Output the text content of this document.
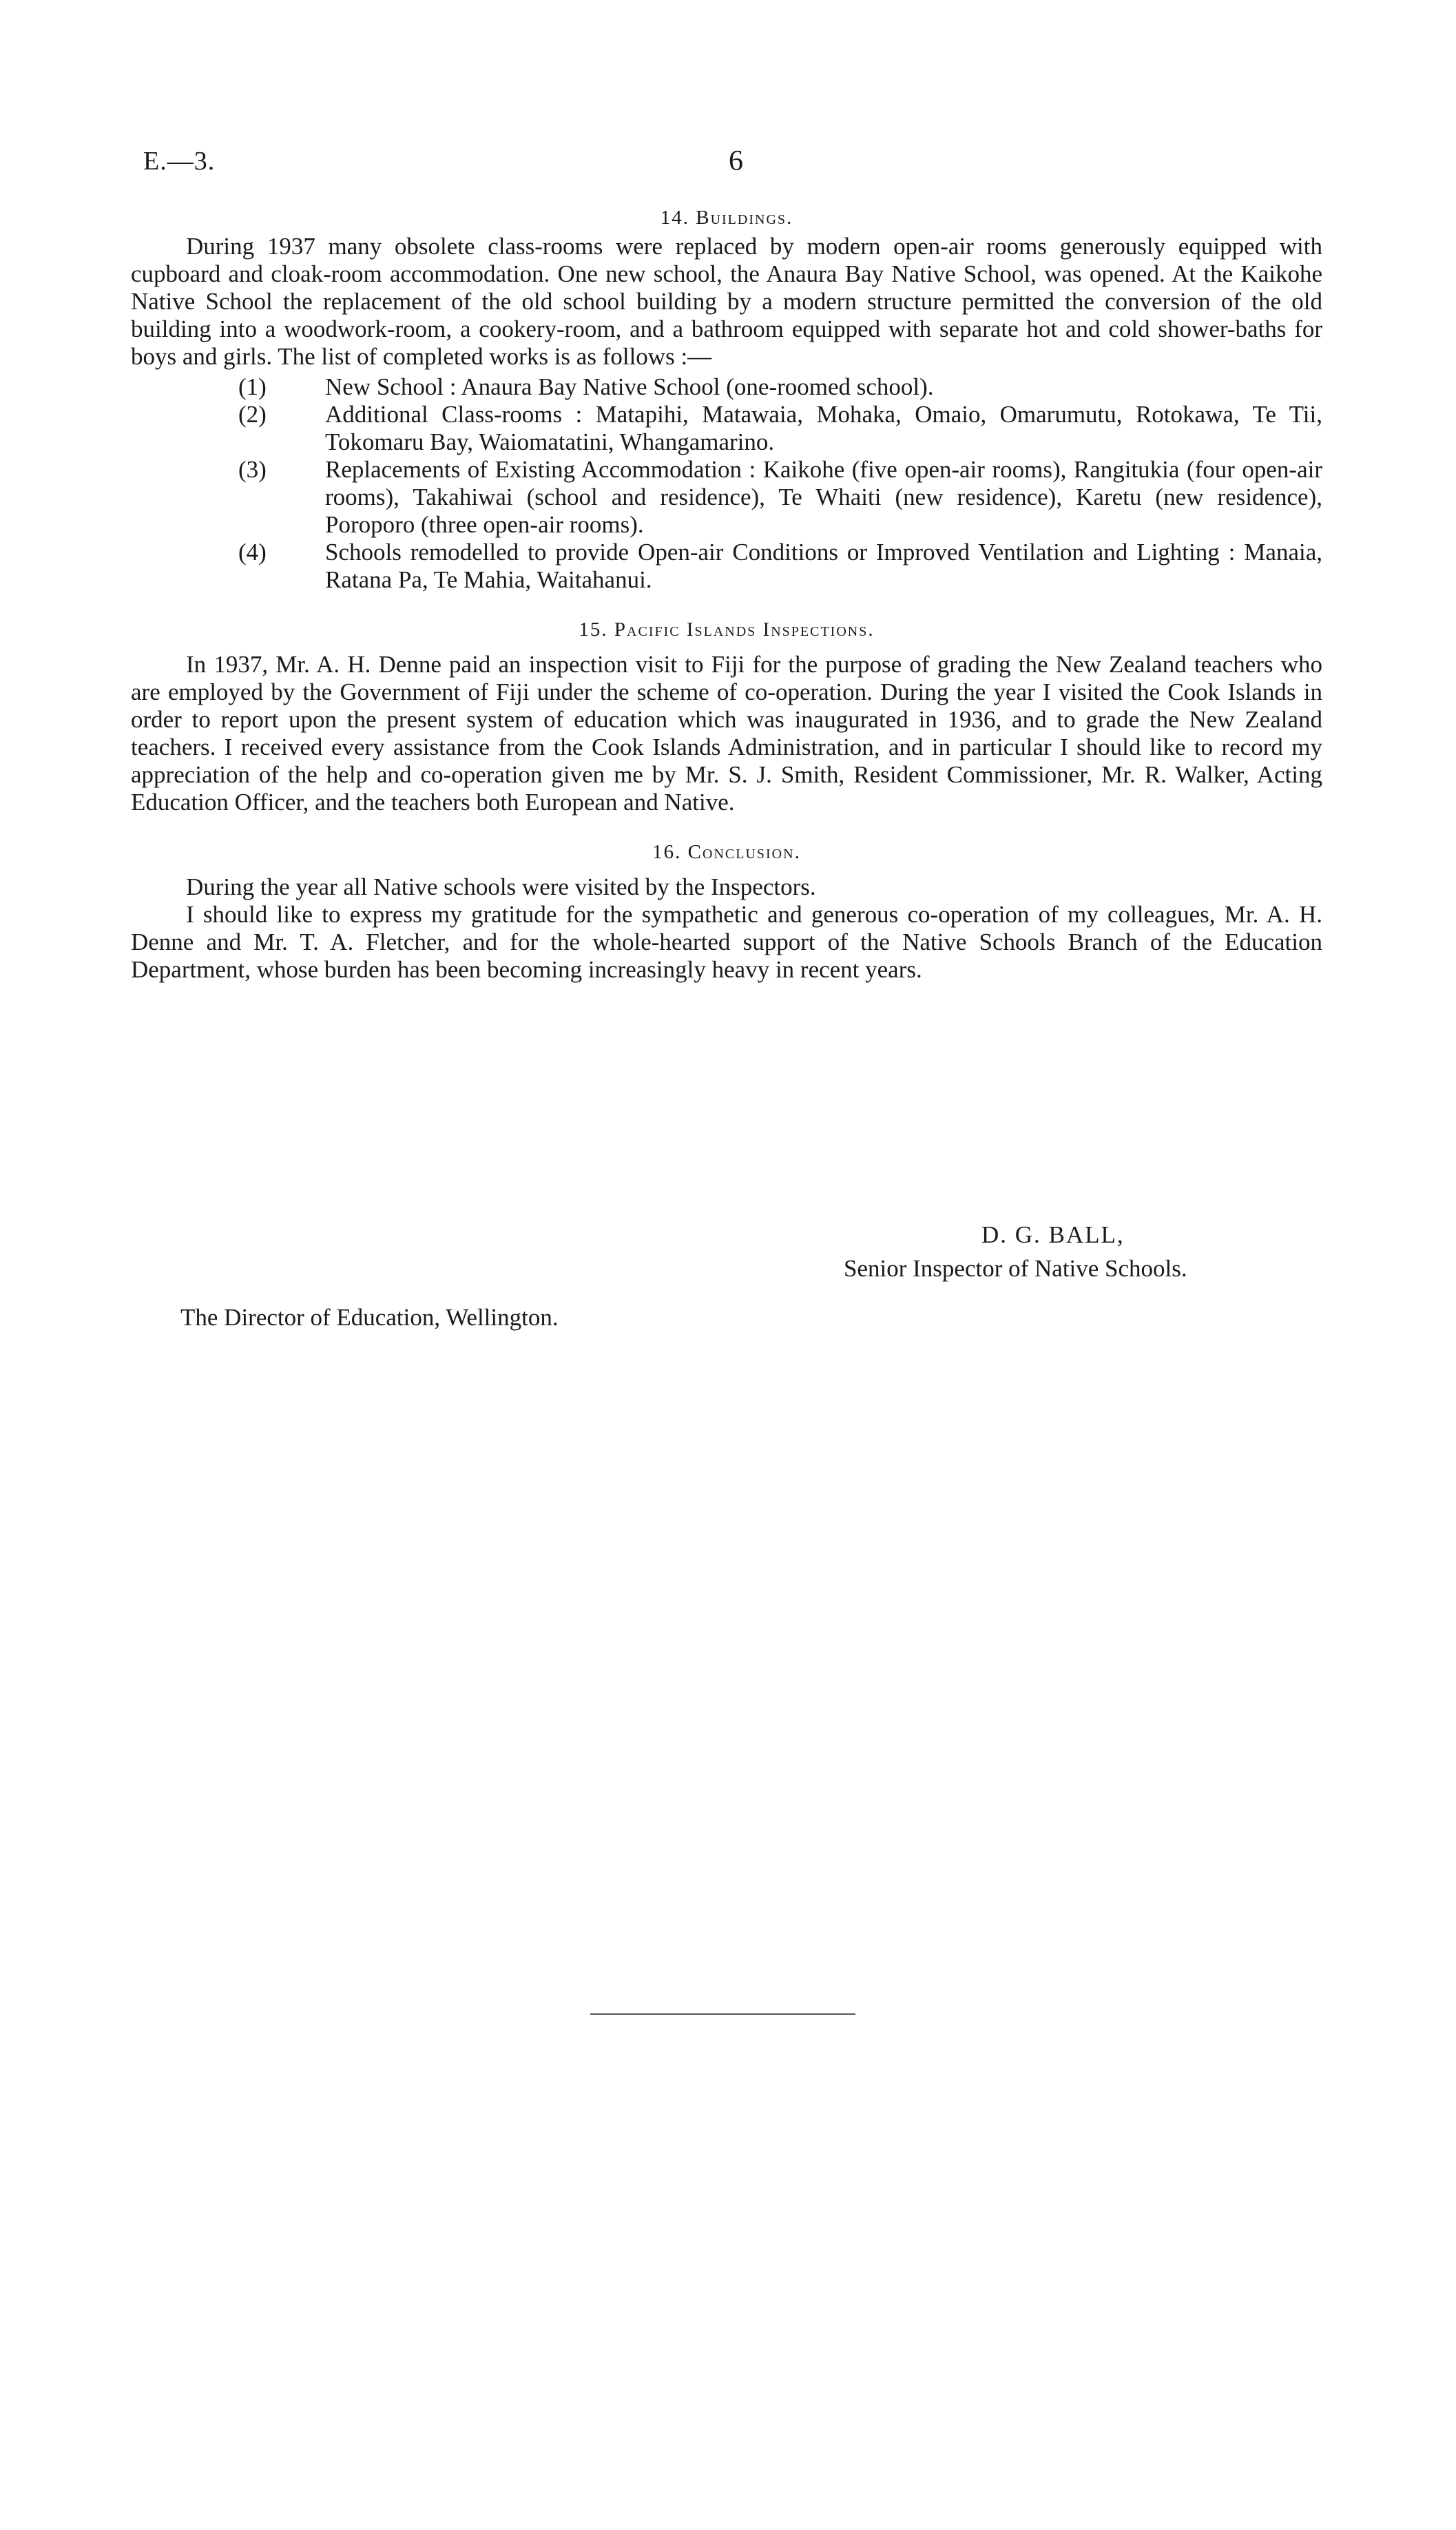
E.—3.	6
14. Buildings.

During 1937 many obsolete class-rooms were replaced by modern open-air rooms generously equipped with cupboard and cloak-room accommodation. One new school, the Anaura Bay Native School, was opened. At the Kaikohe Native School the replacement of the old school building by a modern structure permitted the conversion of the old building into a woodwork-room, a cookery-room, and a bathroom equipped with separate hot and cold shower-baths for boys and girls. The list of completed works is as follows :—

(1) New School : Anaura Bay Native School (one-roomed school).
(2) Additional Class-rooms : Matapihi, Matawaia, Mohaka, Omaio, Omarumutu, Rotokawa, Te Tii, Tokomaru Bay, Waiomatatini, Whangamarino.
(3) Replacements of Existing Accommodation : Kaikohe (five open-air rooms), Rangitukia (four open-air rooms), Takahiwai (school and residence), Te Whaiti (new residence), Karetu (new residence), Poroporo (three open-air rooms).
(4) Schools remodelled to provide Open-air Conditions or Improved Ventilation and Lighting : Manaia, Ratana Pa, Te Mahia, Waitahanui.
15. Pacific Islands Inspections.

In 1937, Mr. A. H. Denne paid an inspection visit to Fiji for the purpose of grading the New Zealand teachers who are employed by the Government of Fiji under the scheme of co-operation. During the year I visited the Cook Islands in order to report upon the present system of education which was inaugurated in 1936, and to grade the New Zealand teachers. I received every assistance from the Cook Islands Administration, and in particular I should like to record my appreciation of the help and co-operation given me by Mr. S. J. Smith, Resident Commissioner, Mr. R. Walker, Acting Education Officer, and the teachers both European and Native.

16. Conclusion.

During the year all Native schools were visited by the Inspectors.

I should like to express my gratitude for the sympathetic and generous co-operation of my colleagues, Mr. A. H. Denne and Mr. T. A. Fletcher, and for the whole-hearted support of the Native Schools Branch of the Education Department, whose burden has been becoming increasingly heavy in recent years.

D. G. BALL,
Senior Inspector of Native Schools.
The Director of Education, Wellington.
